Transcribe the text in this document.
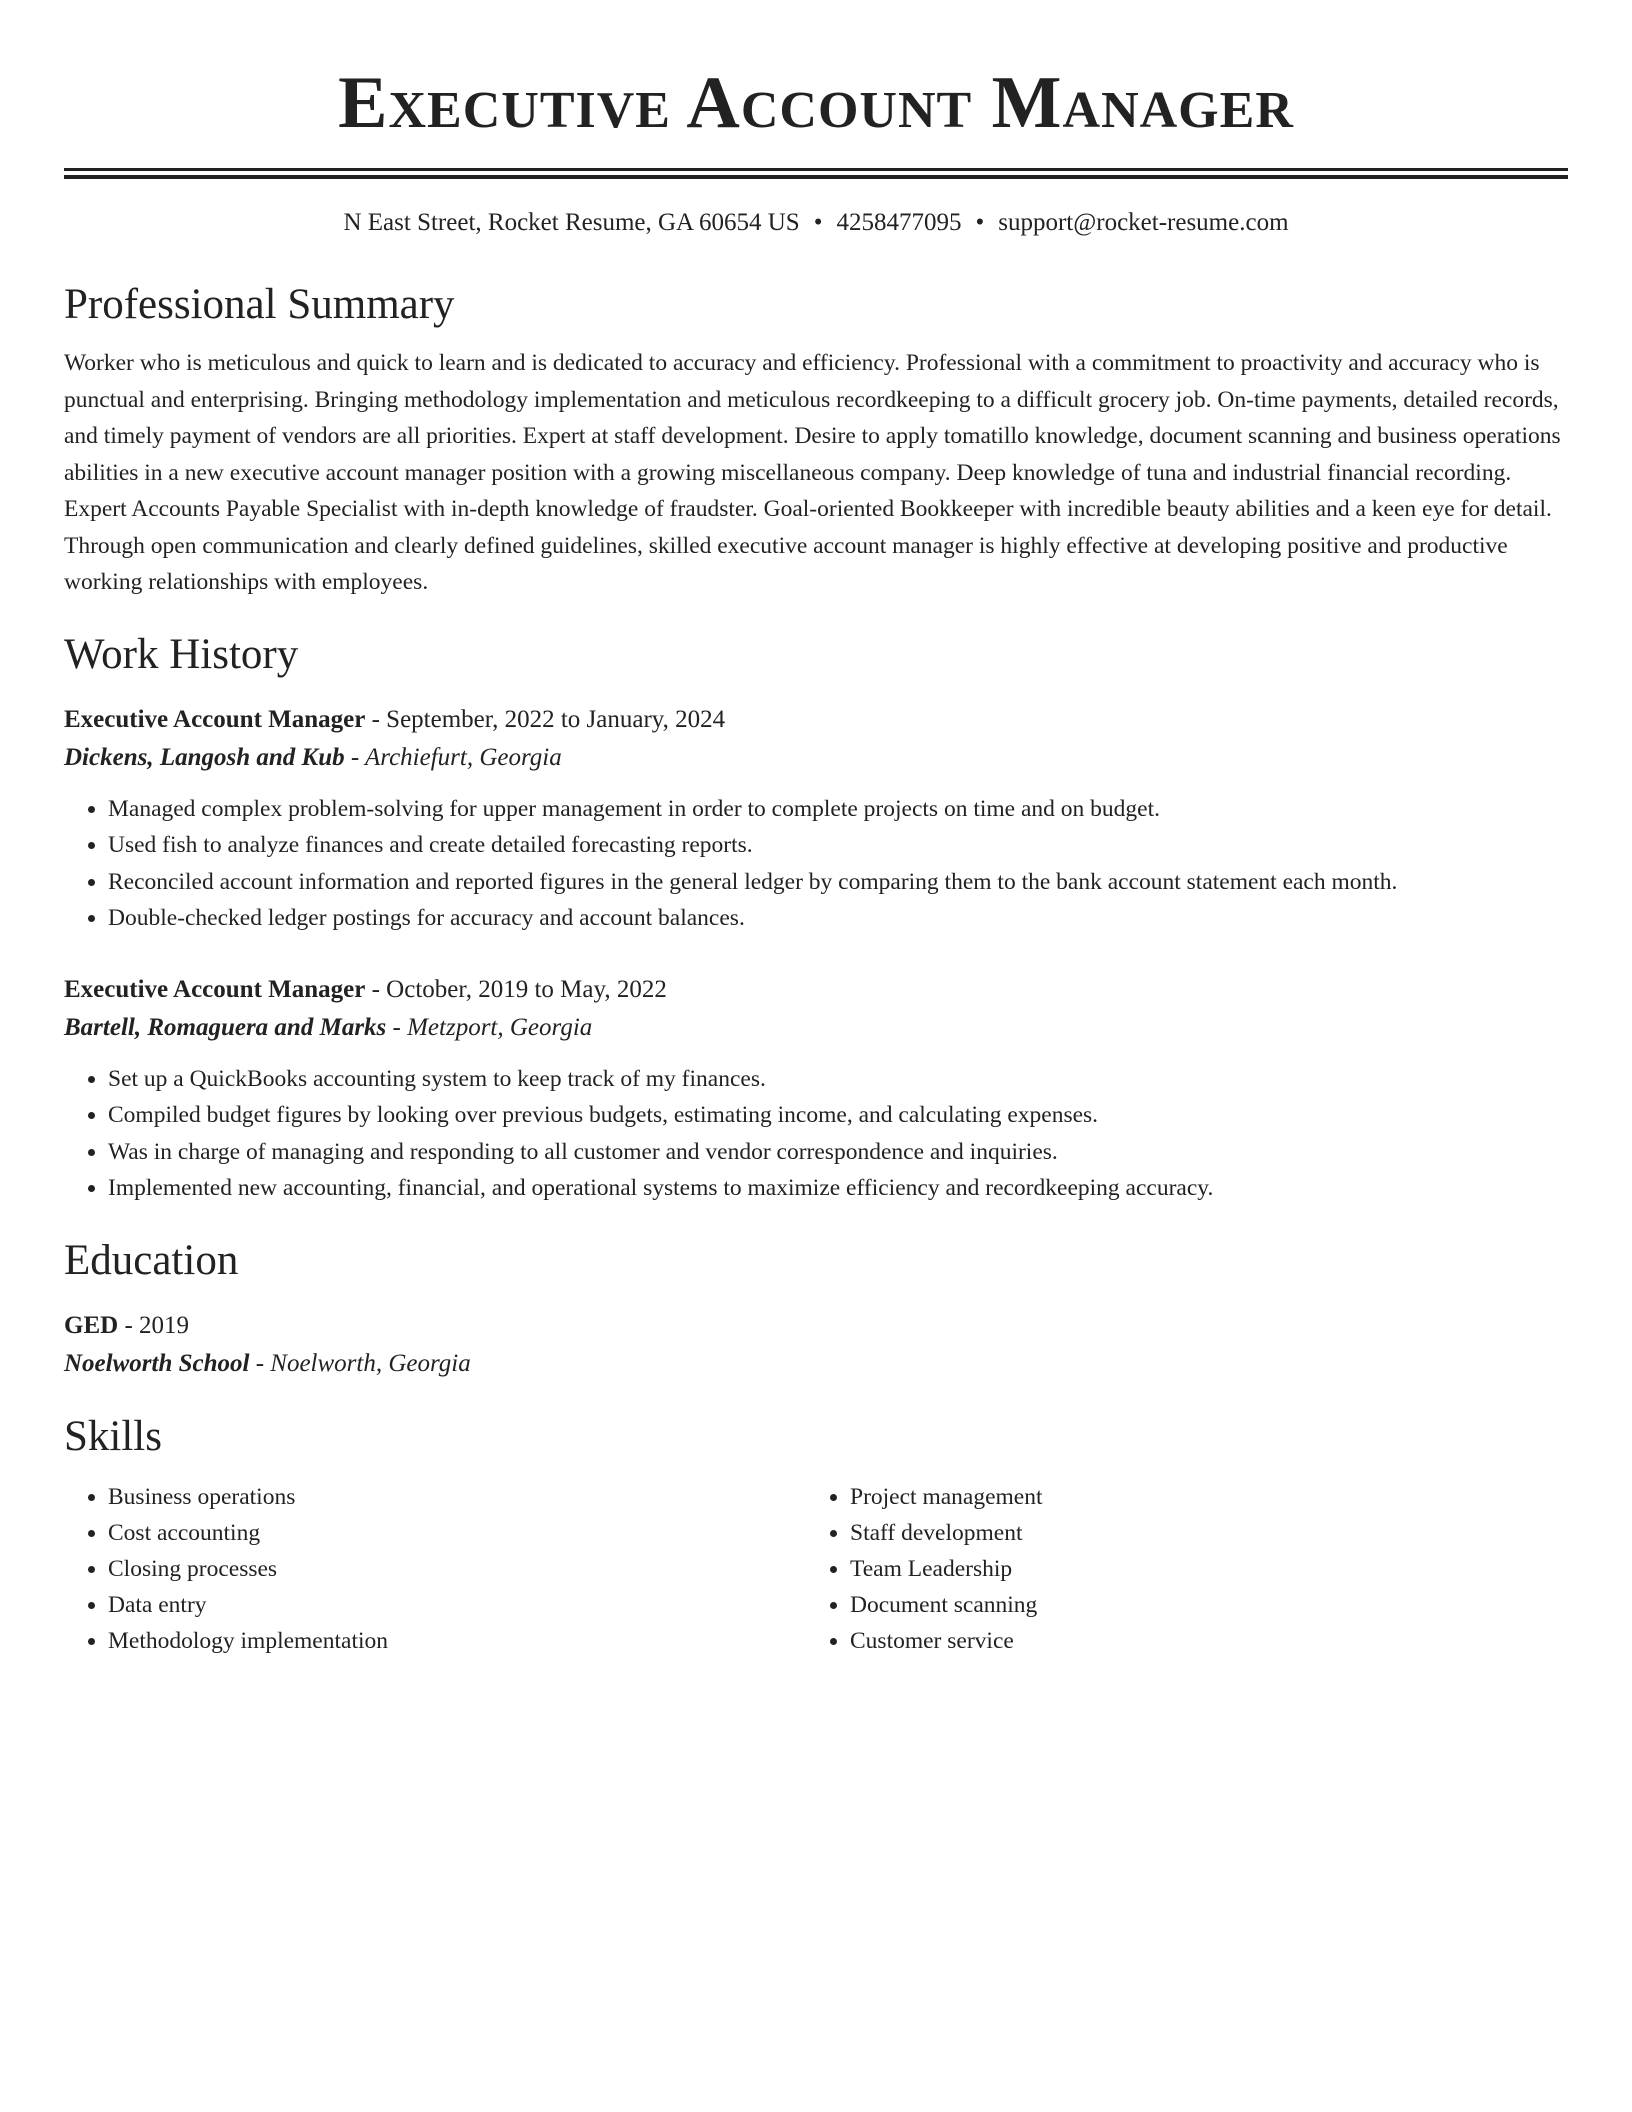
Executive Account Manager
N East Street, Rocket Resume, GA 60654 US • 4258477095 • support@rocket-resume.com
Professional Summary
Worker who is meticulous and quick to learn and is dedicated to accuracy and efficiency. Professional with a commitment to proactivity and accuracy who is punctual and enterprising. Bringing methodology implementation and meticulous recordkeeping to a difficult grocery job. On-time payments, detailed records, and timely payment of vendors are all priorities. Expert at staff development. Desire to apply tomatillo knowledge, document scanning and business operations abilities in a new executive account manager position with a growing miscellaneous company. Deep knowledge of tuna and industrial financial recording. Expert Accounts Payable Specialist with in-depth knowledge of fraudster. Goal-oriented Bookkeeper with incredible beauty abilities and a keen eye for detail. Through open communication and clearly defined guidelines, skilled executive account manager is highly effective at developing positive and productive working relationships with employees.
Work History
Executive Account Manager - September, 2022 to January, 2024
Dickens, Langosh and Kub - Archiefurt, Georgia
• Managed complex problem-solving for upper management in order to complete projects on time and on budget.
• Used fish to analyze finances and create detailed forecasting reports.
• Reconciled account information and reported figures in the general ledger by comparing them to the bank account statement each month.
• Double-checked ledger postings for accuracy and account balances.
Executive Account Manager - October, 2019 to May, 2022
Bartell, Romaguera and Marks - Metzport, Georgia
• Set up a QuickBooks accounting system to keep track of my finances.
• Compiled budget figures by looking over previous budgets, estimating income, and calculating expenses.
• Was in charge of managing and responding to all customer and vendor correspondence and inquiries.
• Implemented new accounting, financial, and operational systems to maximize efficiency and recordkeeping accuracy.
Education
GED - 2019
Noelworth School - Noelworth, Georgia
Skills
• Business operations
• Cost accounting
• Closing processes
• Data entry
• Methodology implementation
• Project management
• Staff development
• Team Leadership
• Document scanning
• Customer service
